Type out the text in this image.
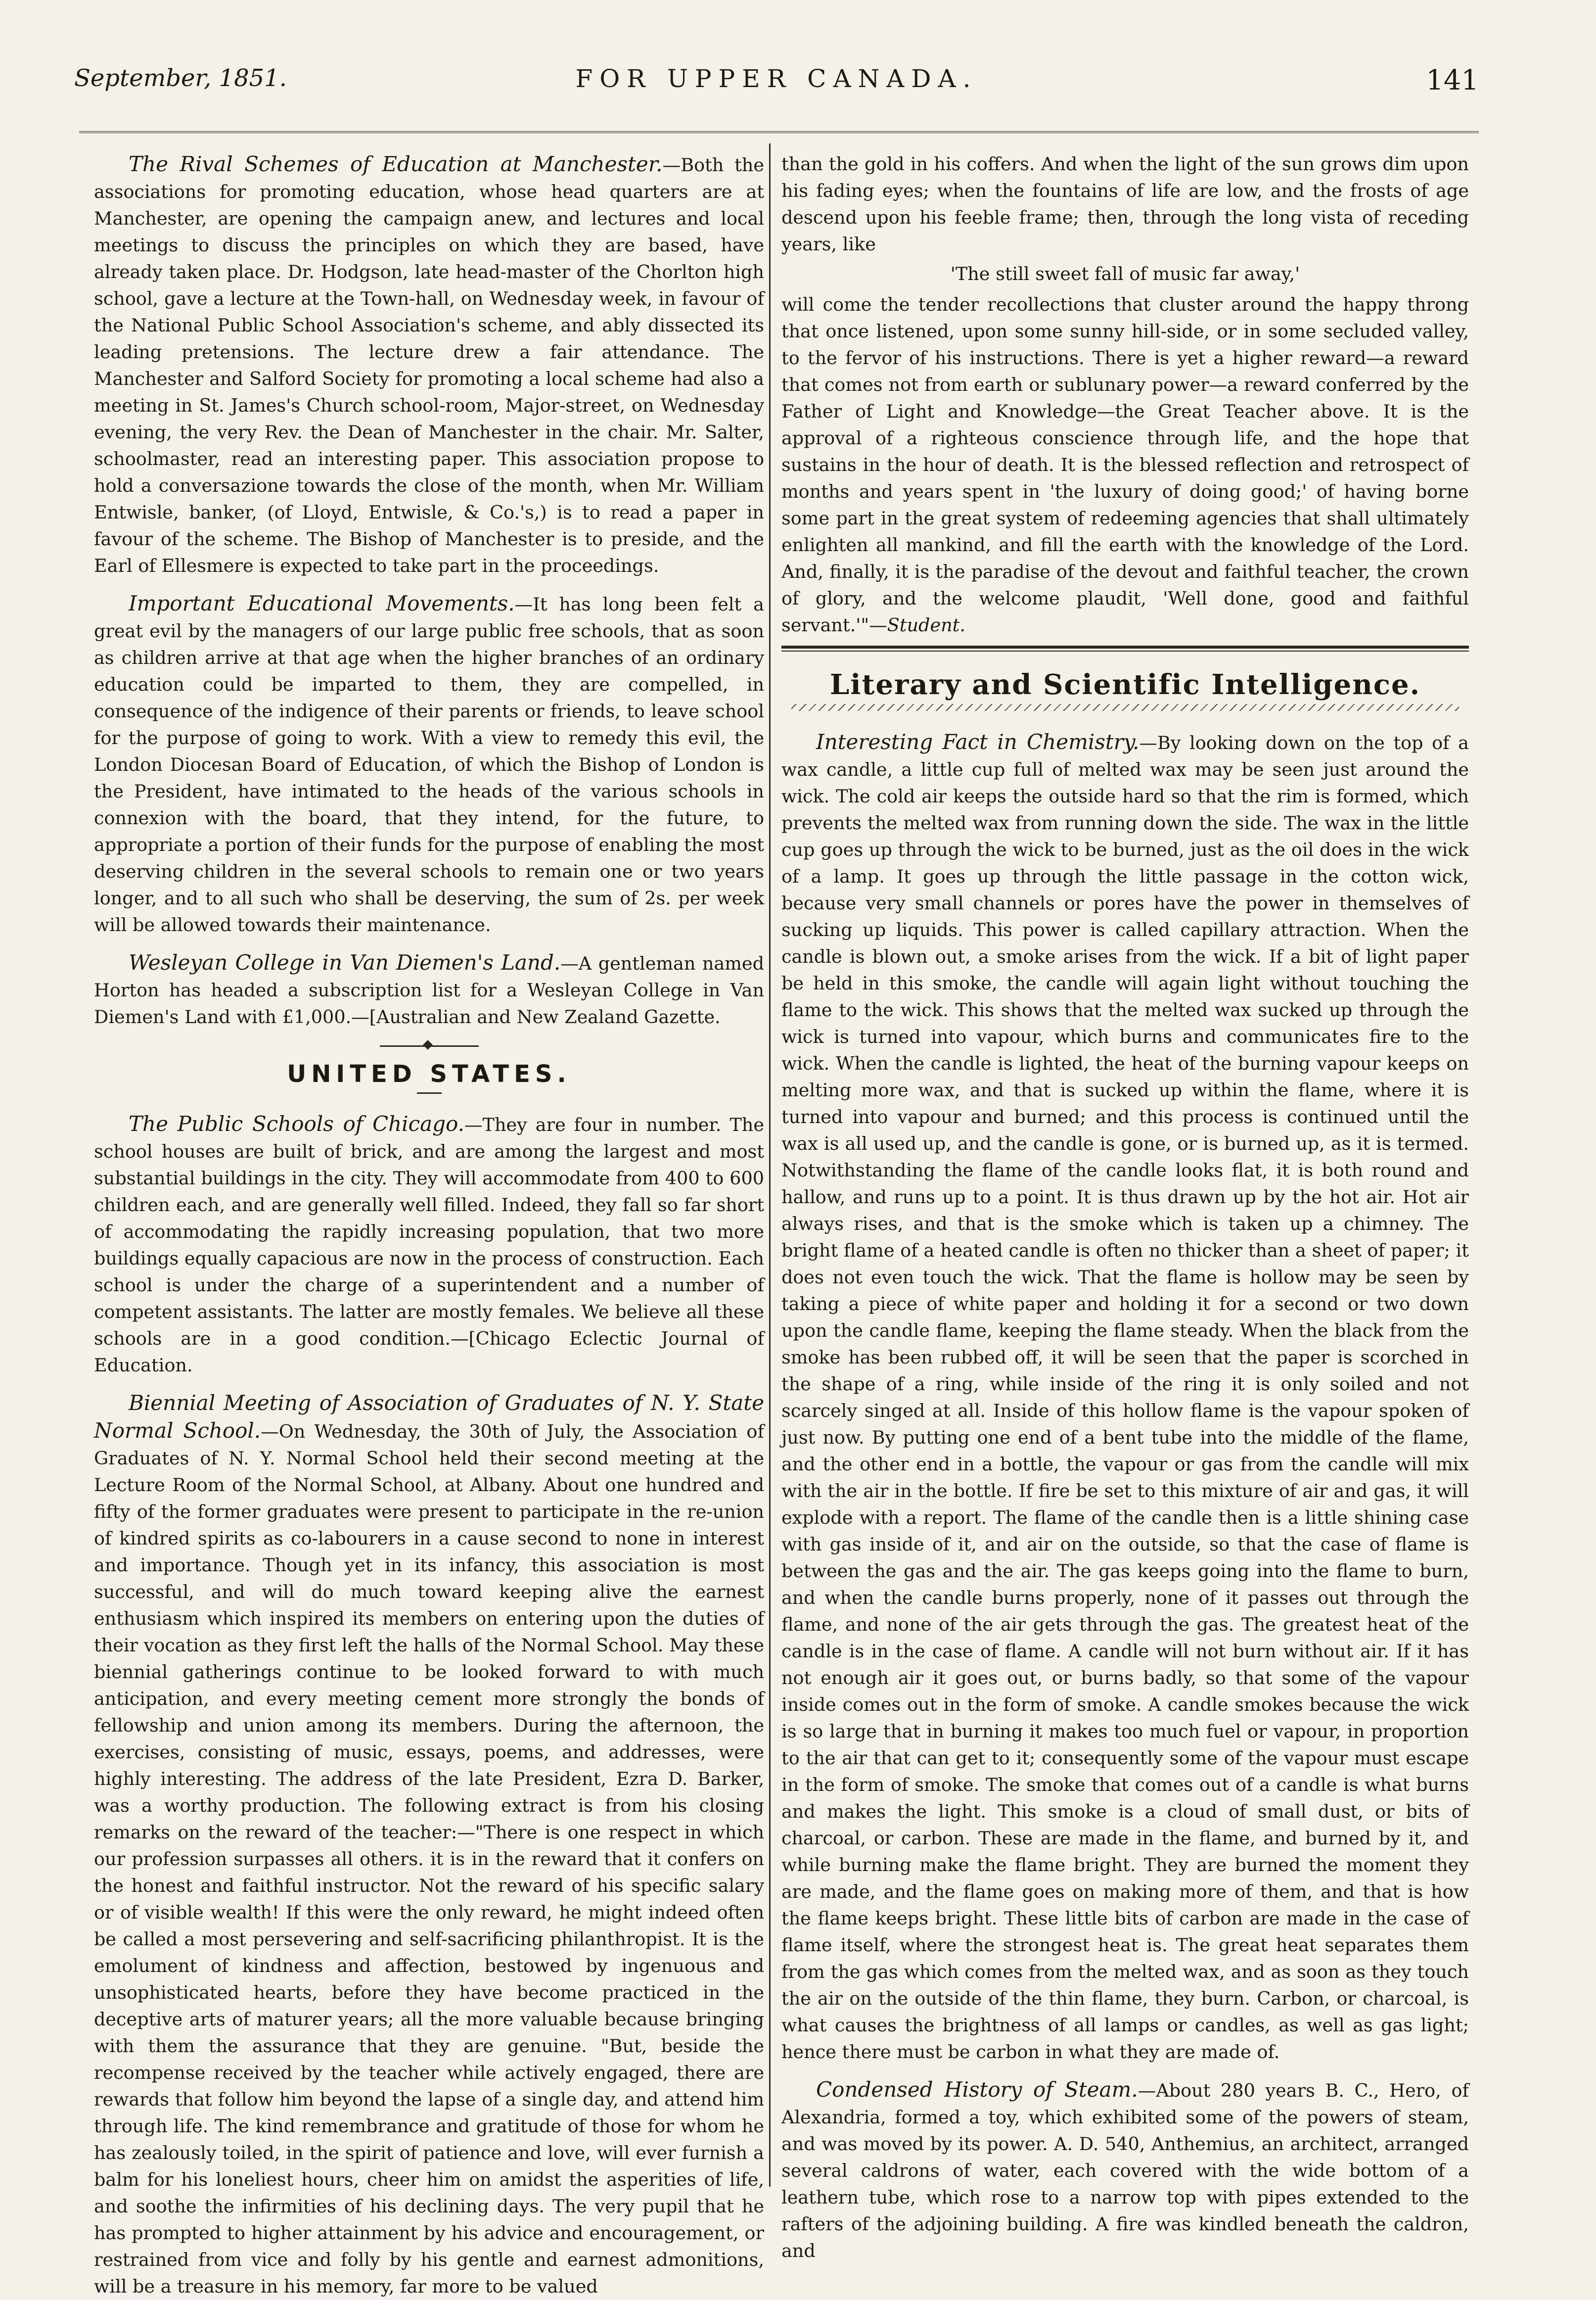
September, 1851.	FOR UPPER CANADA.	141

The Rival Schemes of Education at Manchester.—Both the associations for promoting education, whose head quarters are at Manchester, are opening the campaign anew, and lectures and local meetings to discuss the principles on which they are based, have already taken place. Dr. Hodgson, late head-master of the Chorlton high school, gave a lecture at the Town-hall, on Wednesday week, in favour of the National Public School Association's scheme, and ably dissected its leading pretensions. The lecture drew a fair attendance. The Manchester and Salford Society for promoting a local scheme had also a meeting in St. James's Church school-room, Major-street, on Wednesday evening, the very Rev. the Dean of Manchester in the chair. Mr. Salter, schoolmaster, read an interesting paper. This association propose to hold a conversazione towards the close of the month, when Mr. William Entwisle, banker, (of Lloyd, Entwisle, & Co.'s,) is to read a paper in favour of the scheme. The Bishop of Manchester is to preside, and the Earl of Ellesmere is expected to take part in the proceedings.

Important Educational Movements.—It has long been felt a great evil by the managers of our large public free schools, that as soon as children arrive at that age when the higher branches of an ordinary education could be imparted to them, they are compelled, in consequence of the indigence of their parents or friends, to leave school for the purpose of going to work. With a view to remedy this evil, the London Diocesan Board of Education, of which the Bishop of London is the President, have intimated to the heads of the various schools in connexion with the board, that they intend, for the future, to appropriate a portion of their funds for the purpose of enabling the most deserving children in the several schools to remain one or two years longer, and to all such who shall be deserving, the sum of 2s. per week will be allowed towards their maintenance.

Wesleyan College in Van Diemen's Land.—A gentleman named Horton has headed a subscription list for a Wesleyan College in Van Diemen's Land with £1,000.—[Australian and New Zealand Gazette.

UNITED STATES.

The Public Schools of Chicago.—They are four in number. The school houses are built of brick, and are among the largest and most substantial buildings in the city. They will accommodate from 400 to 600 children each, and are generally well filled. Indeed, they fall so far short of accommodating the rapidly increasing population, that two more buildings equally capacious are now in the process of construction. Each school is under the charge of a superintendent and a number of competent assistants. The latter are mostly females. We believe all these schools are in a good condition.—[Chicago Eclectic Journal of Education.

Biennial Meeting of Association of Graduates of N. Y. State Normal School.—On Wednesday, the 30th of July, the Association of Graduates of N. Y. Normal School held their second meeting at the Lecture Room of the Normal School, at Albany. About one hundred and fifty of the former graduates were present to participate in the re-union of kindred spirits as co-labourers in a cause second to none in interest and importance. Though yet in its infancy, this association is most successful, and will do much toward keeping alive the earnest enthusiasm which inspired its members on entering upon the duties of their vocation as they first left the halls of the Normal School. May these biennial gatherings continue to be looked forward to with much anticipation, and every meeting cement more strongly the bonds of fellowship and union among its members. During the afternoon, the exercises, consisting of music, essays, poems, and addresses, were highly interesting. The address of the late President, Ezra D. Barker, was a worthy production. The following extract is from his closing remarks on the reward of the teacher:—"There is one respect in which our profession surpasses all others. it is in the reward that it confers on the honest and faithful instructor. Not the reward of his specific salary or of visible wealth! If this were the only reward, he might indeed often be called a most persevering and self-sacrificing philanthropist. It is the emolument of kindness and affection, bestowed by ingenuous and unsophisticated hearts, before they have become practiced in the deceptive arts of maturer years; all the more valuable because bringing with them the assurance that they are genuine. "But, beside the recompense received by the teacher while actively engaged, there are rewards that follow him beyond the lapse of a single day, and attend him through life. The kind remembrance and gratitude of those for whom he has zealously toiled, in the spirit of patience and love, will ever furnish a balm for his loneliest hours, cheer him on amidst the asperities of life, and soothe the infirmities of his declining days. The very pupil that he has prompted to higher attainment by his advice and encouragement, or restrained from vice and folly by his gentle and earnest admonitions, will be a treasure in his memory, far more to be valued

than the gold in his coffers. And when the light of the sun grows dim upon his fading eyes; when the fountains of life are low, and the frosts of age descend upon his feeble frame; then, through the long vista of receding years, like

'The still sweet fall of music far away,'

will come the tender recollections that cluster around the happy throng that once listened, upon some sunny hill-side, or in some secluded valley, to the fervor of his instructions. There is yet a higher reward—a reward that comes not from earth or sublunary power—a reward conferred by the Father of Light and Knowledge—the Great Teacher above. It is the approval of a righteous conscience through life, and the hope that sustains in the hour of death. It is the blessed reflection and retrospect of months and years spent in 'the luxury of doing good;' of having borne some part in the great system of redeeming agencies that shall ultimately enlighten all mankind, and fill the earth with the knowledge of the Lord. And, finally, it is the paradise of the devout and faithful teacher, the crown of glory, and the welcome plaudit, 'Well done, good and faithful servant.'"—Student.

Literary and Scientific Intelligence.

Interesting Fact in Chemistry.—By looking down on the top of a wax candle, a little cup full of melted wax may be seen just around the wick. The cold air keeps the outside hard so that the rim is formed, which prevents the melted wax from running down the side. The wax in the little cup goes up through the wick to be burned, just as the oil does in the wick of a lamp. It goes up through the little passage in the cotton wick, because very small channels or pores have the power in themselves of sucking up liquids. This power is called capillary attraction. When the candle is blown out, a smoke arises from the wick. If a bit of light paper be held in this smoke, the candle will again light without touching the flame to the wick. This shows that the melted wax sucked up through the wick is turned into vapour, which burns and communicates fire to the wick. When the candle is lighted, the heat of the burning vapour keeps on melting more wax, and that is sucked up within the flame, where it is turned into vapour and burned; and this process is continued until the wax is all used up, and the candle is gone, or is burned up, as it is termed. Notwithstanding the flame of the candle looks flat, it is both round and hallow, and runs up to a point. It is thus drawn up by the hot air. Hot air always rises, and that is the smoke which is taken up a chimney. The bright flame of a heated candle is often no thicker than a sheet of paper; it does not even touch the wick. That the flame is hollow may be seen by taking a piece of white paper and holding it for a second or two down upon the candle flame, keeping the flame steady. When the black from the smoke has been rubbed off, it will be seen that the paper is scorched in the shape of a ring, while inside of the ring it is only soiled and not scarcely singed at all. Inside of this hollow flame is the vapour spoken of just now. By putting one end of a bent tube into the middle of the flame, and the other end in a bottle, the vapour or gas from the candle will mix with the air in the bottle. If fire be set to this mixture of air and gas, it will explode with a report. The flame of the candle then is a little shining case with gas inside of it, and air on the outside, so that the case of flame is between the gas and the air. The gas keeps going into the flame to burn, and when the candle burns properly, none of it passes out through the flame, and none of the air gets through the gas. The greatest heat of the candle is in the case of flame. A candle will not burn without air. If it has not enough air it goes out, or burns badly, so that some of the vapour inside comes out in the form of smoke. A candle smokes because the wick is so large that in burning it makes too much fuel or vapour, in proportion to the air that can get to it; consequently some of the vapour must escape in the form of smoke. The smoke that comes out of a candle is what burns and makes the light. This smoke is a cloud of small dust, or bits of charcoal, or carbon. These are made in the flame, and burned by it, and while burning make the flame bright. They are burned the moment they are made, and the flame goes on making more of them, and that is how the flame keeps bright. These little bits of carbon are made in the case of flame itself, where the strongest heat is. The great heat separates them from the gas which comes from the melted wax, and as soon as they touch the air on the outside of the thin flame, they burn. Carbon, or charcoal, is what causes the brightness of all lamps or candles, as well as gas light; hence there must be carbon in what they are made of.

Condensed History of Steam.—About 280 years B. C., Hero, of Alexandria, formed a toy, which exhibited some of the powers of steam, and was moved by its power. A. D. 540, Anthemius, an architect, arranged several caldrons of water, each covered with the wide bottom of a leathern tube, which rose to a narrow top with pipes extended to the rafters of the adjoining building. A fire was kindled beneath the caldron, and
